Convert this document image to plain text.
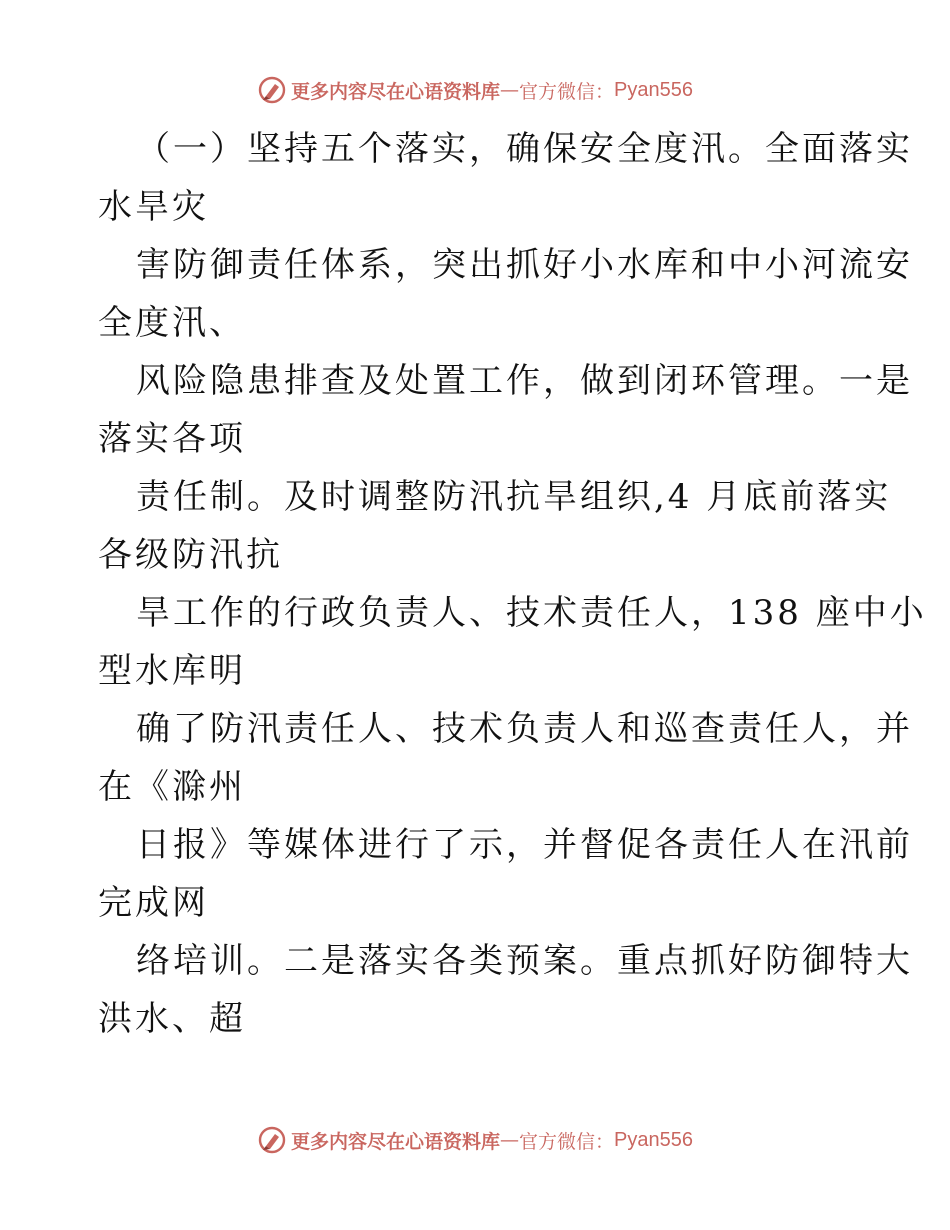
更多内容尽在心语资料库 — 官方微信： Pyan556
（一）坚持五个落实，确保安全度汛。全面落实
水旱灾
害防御责任体系，突出抓好小水库和中小河流安
全度汛、
风险隐患排查及处置工作，做到闭环管理。一是
落实各项
责任制。及时调整防汛抗旱组织,4 月底前落实
各级防汛抗
旱工作的行政负责人、技术责任人，138 座中小
型水库明
确了防汛责任人、技术负责人和巡查责任人，并
在《滁州
日报》等媒体进行了示，并督促各责任人在汛前
完成网
络培训。二是落实各类预案。重点抓好防御特大
洪水、超
更多内容尽在心语资料库 — 官方微信： Pyan556
